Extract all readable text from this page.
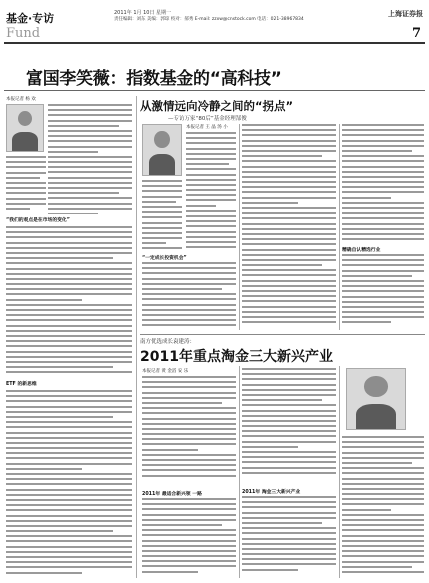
基金·专访
Fund
2011年 1月 10日 星期一
责任编辑：刘东 美编：郭琼 校对：郝秀 E-mail: zzxw@cnstock.com 电话：021-38967834
上海证券报
7
富国李笑薇：指数基金的“高科技”
本报记者 杨 欢
“我们的观点是在市场的变化”
ETF 的新思维
从激情远向冷静之间的“拐点”
—专访万家“80后”基金经理郜俊
本报记者 王 晶 汤 小
“一定成长投资机会”
精确自认精选行业
南方优选成长袁建涛：
2011年重点淘金三大新兴产业
本报记者 黄 金滔 安 乐
2011年 最适合新兴领 一路	2011年 淘金三大新兴产业
